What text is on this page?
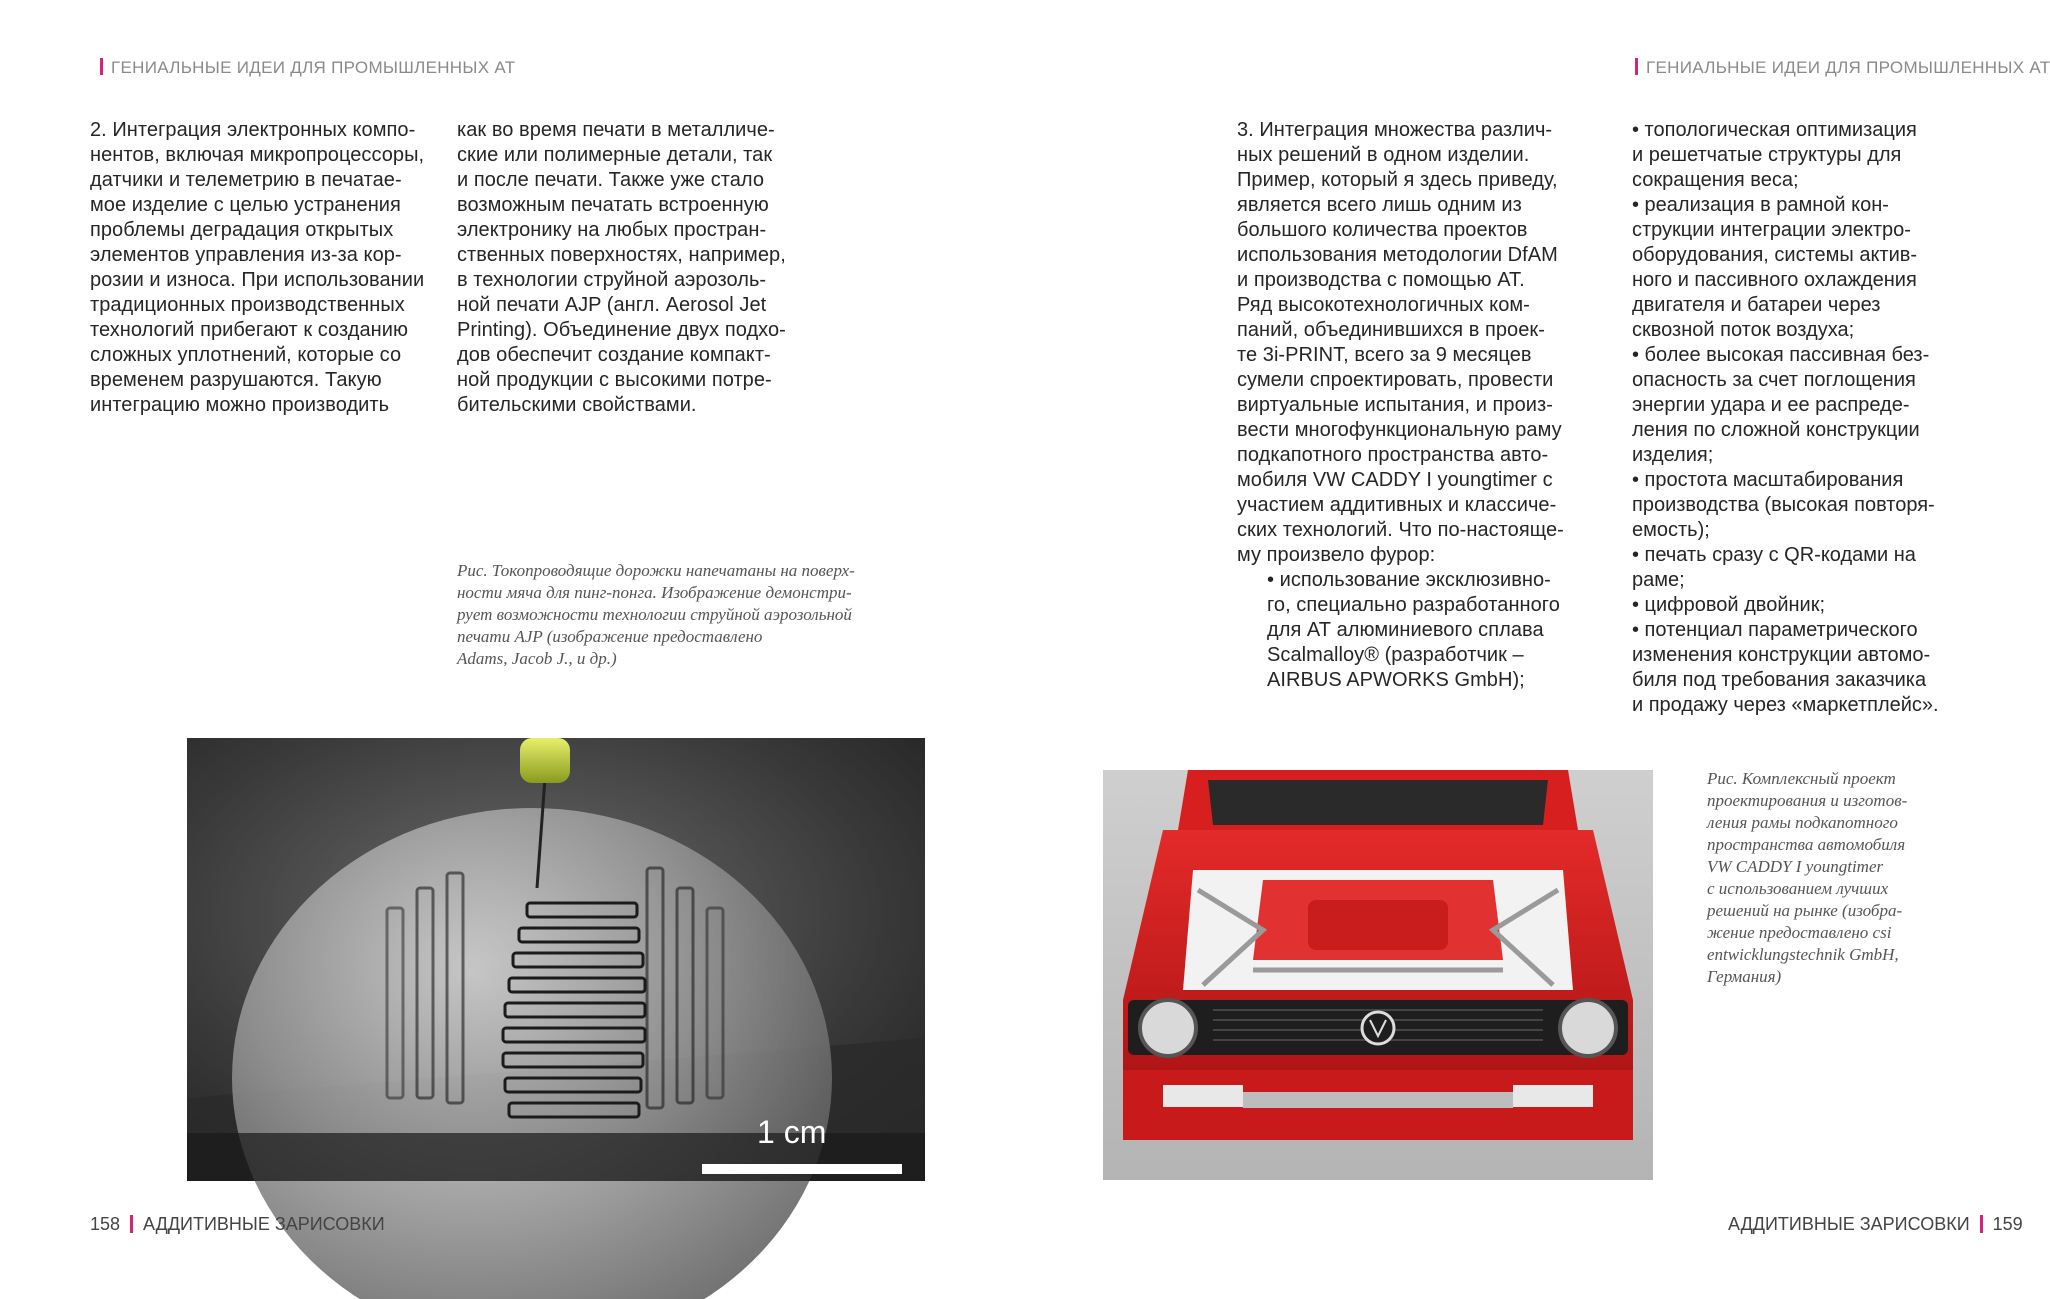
ГЕНИАЛЬНЫЕ ИДЕИ ДЛЯ ПРОМЫШЛЕННЫХ АТ
2. Интеграция электронных компо-
нентов, включая микропроцессоры,
датчики и телеметрию в печатае-
мое изделие с целью устранения
проблемы деградация открытых
элементов управления из-за кор-
розии и износа. При использовании
традиционных производственных
технологий прибегают к созданию
сложных уплотнений, которые со
временем разрушаются. Такую
интеграцию можно производить
как во время печати в металличе-
ские или полимерные детали, так
и после печати. Также уже стало
возможным печатать встроенную
электронику на любых простран-
ственных поверхностях, например,
в технологии струйной аэрозоль-
ной печати AJP (англ. Aerosol Jet
Printing). Объединение двух подхо-
дов обеспечит создание компакт-
ной продукции с высокими потре-
бительскими свойствами.
Рис. Токопроводящие дорожки напечатаны на поверх-
ности мяча для пинг-понга. Изображение демонстри-
рует возможности технологии струйной аэрозольной
печати AJP (изображение предоставлено
Adams, Jacob J., и др.)
1 cm
158 АДДИТИВНЫЕ ЗАРИСОВКИ
ГЕНИАЛЬНЫЕ ИДЕИ ДЛЯ ПРОМЫШЛЕННЫХ АТ
3. Интеграция множества различ-
ных решений в одном изделии.
Пример, который я здесь приведу,
является всего лишь одним из
большого количества проектов
использования методологии DfAM
и производства с помощью АТ.
Ряд высокотехнологичных ком-
паний, объединившихся в проек-
те 3i-PRINT, всего за 9 месяцев
сумели спроектировать, провести
виртуальные испытания, и произ-
вести многофункциональную раму
подкапотного пространства авто-
мобиля VW CADDY I youngtimer с
участием аддитивных и классиче-
ских технологий. Что по-настояще-
му произвело фурор:
• использование эксклюзивно-
го, специально разработанного
для АТ алюминиевого сплава
Scalmalloy® (разработчик –
AIRBUS APWORKS GmbH);
• топологическая оптимизация
и решетчатые структуры для
сокращения веса;
• реализация в рамной кон-
струкции интеграции электро-
оборудования, системы актив-
ного и пассивного охлаждения
двигателя и батареи через
сквозной поток воздуха;
• более высокая пассивная без-
опасность за счет поглощения
энергии удара и ее распреде-
ления по сложной конструкции
изделия;
• простота масштабирования
производства (высокая повторя-
емость);
• печать сразу с QR-кодами на
раме;
• цифровой двойник;
• потенциал параметрического
изменения конструкции автомо-
биля под требования заказчика
и продажу через «маркетплейс».
Рис. Комплексный проект
проектирования и изготов-
ления рамы подкапотного
пространства автомобиля
VW CADDY I youngtimer
с использованием лучших
решений на рынке (изобра-
жение предоставлено csi
entwicklungstechnik GmbH,
Германия)
АДДИТИВНЫЕ ЗАРИСОВКИ 159
